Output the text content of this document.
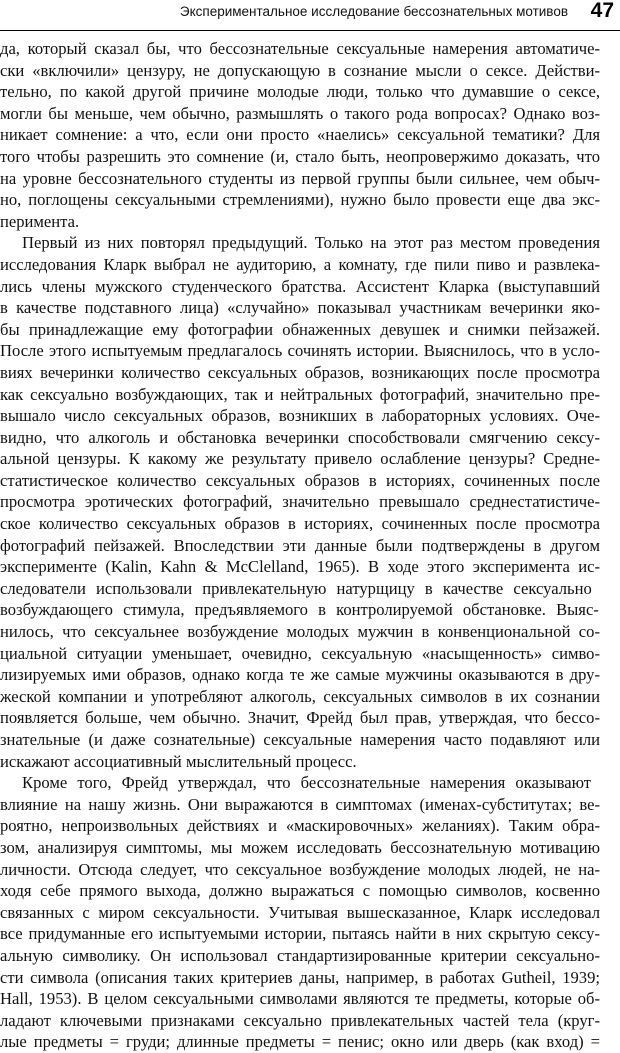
Экспериментальное исследование бессознательных мотивов 47
да, который сказал бы, что бессознательные сексуальные намерения автоматиче-
ски «включили» цензуру, не допускающую в сознание мысли о сексе. Действи-
тельно, по какой другой причине молодые люди, только что думавшие о сексе,
могли бы меньше, чем обычно, размышлять о такого рода вопросах? Однако воз-
никает сомнение: а что, если они просто «наелись» сексуальной тематики? Для
того чтобы разрешить это сомнение (и, стало быть, неопровержимо доказать, что
на уровне бессознательного студенты из первой группы были сильнее, чем обыч-
но, поглощены сексуальными стремлениями), нужно было провести еще два экс-
перимента.
Первый из них повторял предыдущий. Только на этот раз местом проведения
исследования Кларк выбрал не аудиторию, а комнату, где пили пиво и развлека-
лись члены мужского студенческого братства. Ассистент Кларка (выступавший
в качестве подставного лица) «случайно» показывал участникам вечеринки яко-
бы принадлежащие ему фотографии обнаженных девушек и снимки пейзажей.
После этого испытуемым предлагалось сочинять истории. Выяснилось, что в усло-
виях вечеринки количество сексуальных образов, возникающих после просмотра
как сексуально возбуждающих, так и нейтральных фотографий, значительно пре-
вышало число сексуальных образов, возникших в лабораторных условиях. Оче-
видно, что алкоголь и обстановка вечеринки способствовали смягчению сексу-
альной цензуры. К какому же результату привело ослабление цензуры? Средне-
статистическое количество сексуальных образов в историях, сочиненных после
просмотра эротических фотографий, значительно превышало среднестатистиче-
ское количество сексуальных образов в историях, сочиненных после просмотра
фотографий пейзажей. Впоследствии эти данные были подтверждены в другом
эксперименте (Kalin, Kahn & McClelland, 1965). В ходе этого эксперимента ис-
следователи использовали привлекательную натурщицу в качестве сексуально
возбуждающего стимула, предъявляемого в контролируемой обстановке. Выяс-
нилось, что сексуальнее возбуждение молодых мужчин в конвенциональной со-
циальной ситуации уменьшает, очевидно, сексуальную «насыщенность» симво-
лизируемых ими образов, однако когда те же самые мужчины оказываются в дру-
жеской компании и употребляют алкоголь, сексуальных символов в их сознании
появляется больше, чем обычно. Значит, Фрейд был прав, утверждая, что бессо-
знательные (и даже сознательные) сексуальные намерения часто подавляют или
искажают ассоциативный мыслительный процесс.
Кроме того, Фрейд утверждал, что бессознательные намерения оказывают
влияние на нашу жизнь. Они выражаются в симптомах (именах-субститутах; ве-
роятно, непроизвольных действиях и «маскировочных» желаниях). Таким обра-
зом, анализируя симптомы, мы можем исследовать бессознательную мотивацию
личности. Отсюда следует, что сексуальное возбуждение молодых людей, не на-
ходя себе прямого выхода, должно выражаться с помощью символов, косвенно
связанных с миром сексуальности. Учитывая вышесказанное, Кларк исследовал
все придуманные его испытуемыми истории, пытаясь найти в них скрытую сексу-
альную символику. Он использовал стандартизированные критерии сексуально-
сти символа (описания таких критериев даны, например, в работах Gutheil, 1939;
Hall, 1953). В целом сексуальными символами являются те предметы, которые об-
ладают ключевыми признаками сексуально привлекательных частей тела (круг-
лые предметы = груди; длинные предметы = пенис; окно или дверь (как вход) =
